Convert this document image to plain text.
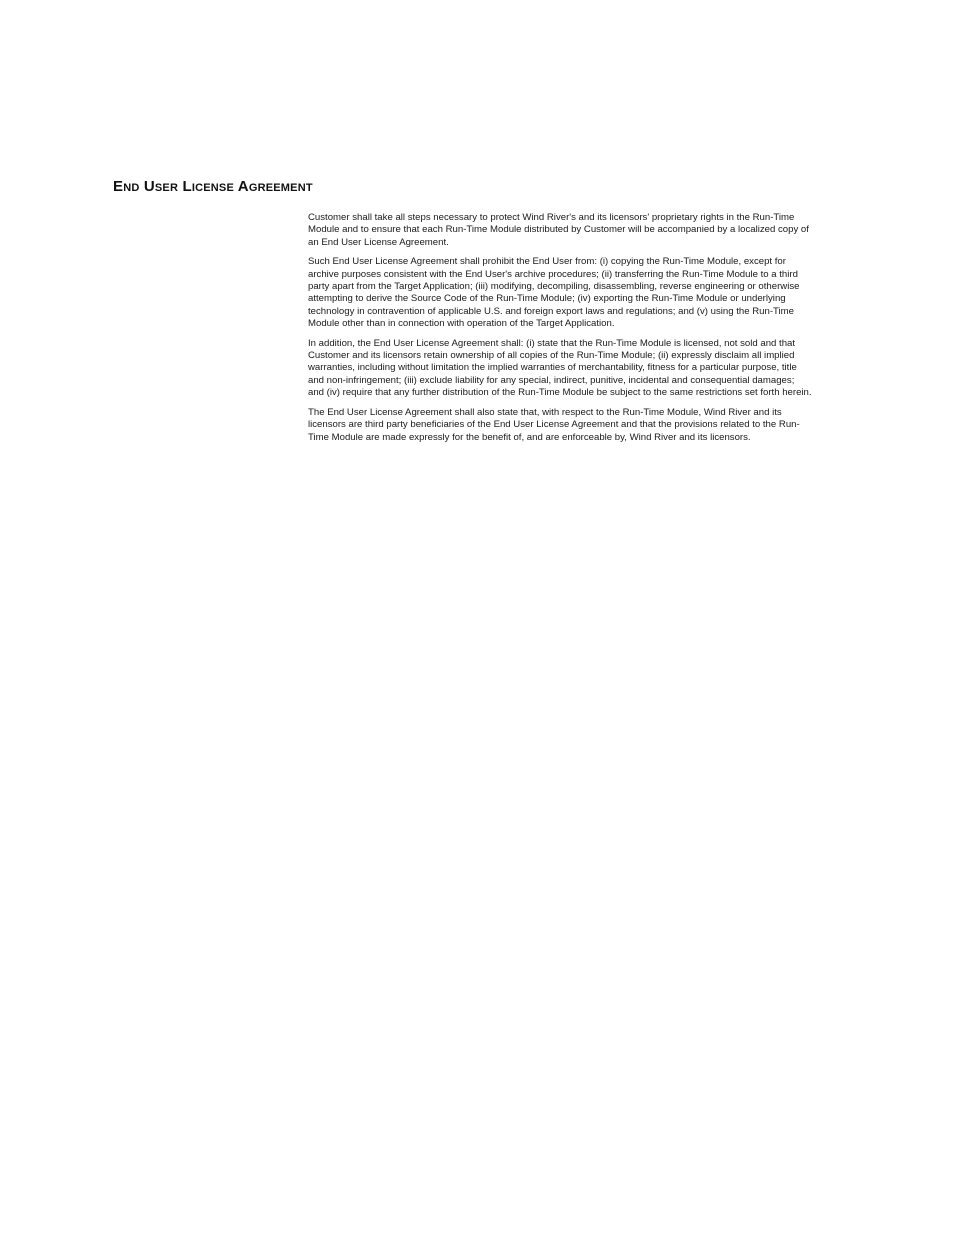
End User License Agreement

Customer shall take all steps necessary to protect Wind River's and its licensors' proprietary rights in the Run-Time Module and to ensure that each Run-Time Module distributed by Customer will be accompanied by a localized copy of an End User License Agreement.

Such End User License Agreement shall prohibit the End User from: (i) copying the Run-Time Module, except for archive purposes consistent with the End User's archive procedures; (ii) transferring the Run-Time Module to a third party apart from the Target Application; (iii) modifying, decompiling, disassembling, reverse engineering or otherwise attempting to derive the Source Code of the Run-Time Module; (iv) exporting the Run-Time Module or underlying technology in contravention of applicable U.S. and foreign export laws and regulations; and (v) using the Run-Time Module other than in connection with operation of the Target Application.

In addition, the End User License Agreement shall: (i) state that the Run-Time Module is licensed, not sold and that Customer and its licensors retain ownership of all copies of the Run-Time Module; (ii) expressly disclaim all implied warranties, including without limitation the implied warranties of merchantability, fitness for a particular purpose, title and non-infringement; (iii) exclude liability for any special, indirect, punitive, incidental and consequential damages; and (iv) require that any further distribution of the Run-Time Module be subject to the same restrictions set forth herein.

The End User License Agreement shall also state that, with respect to the Run-Time Module, Wind River and its licensors are third party beneficiaries of the End User License Agreement and that the provisions related to the Run-Time Module are made expressly for the benefit of, and are enforceable by, Wind River and its licensors.
